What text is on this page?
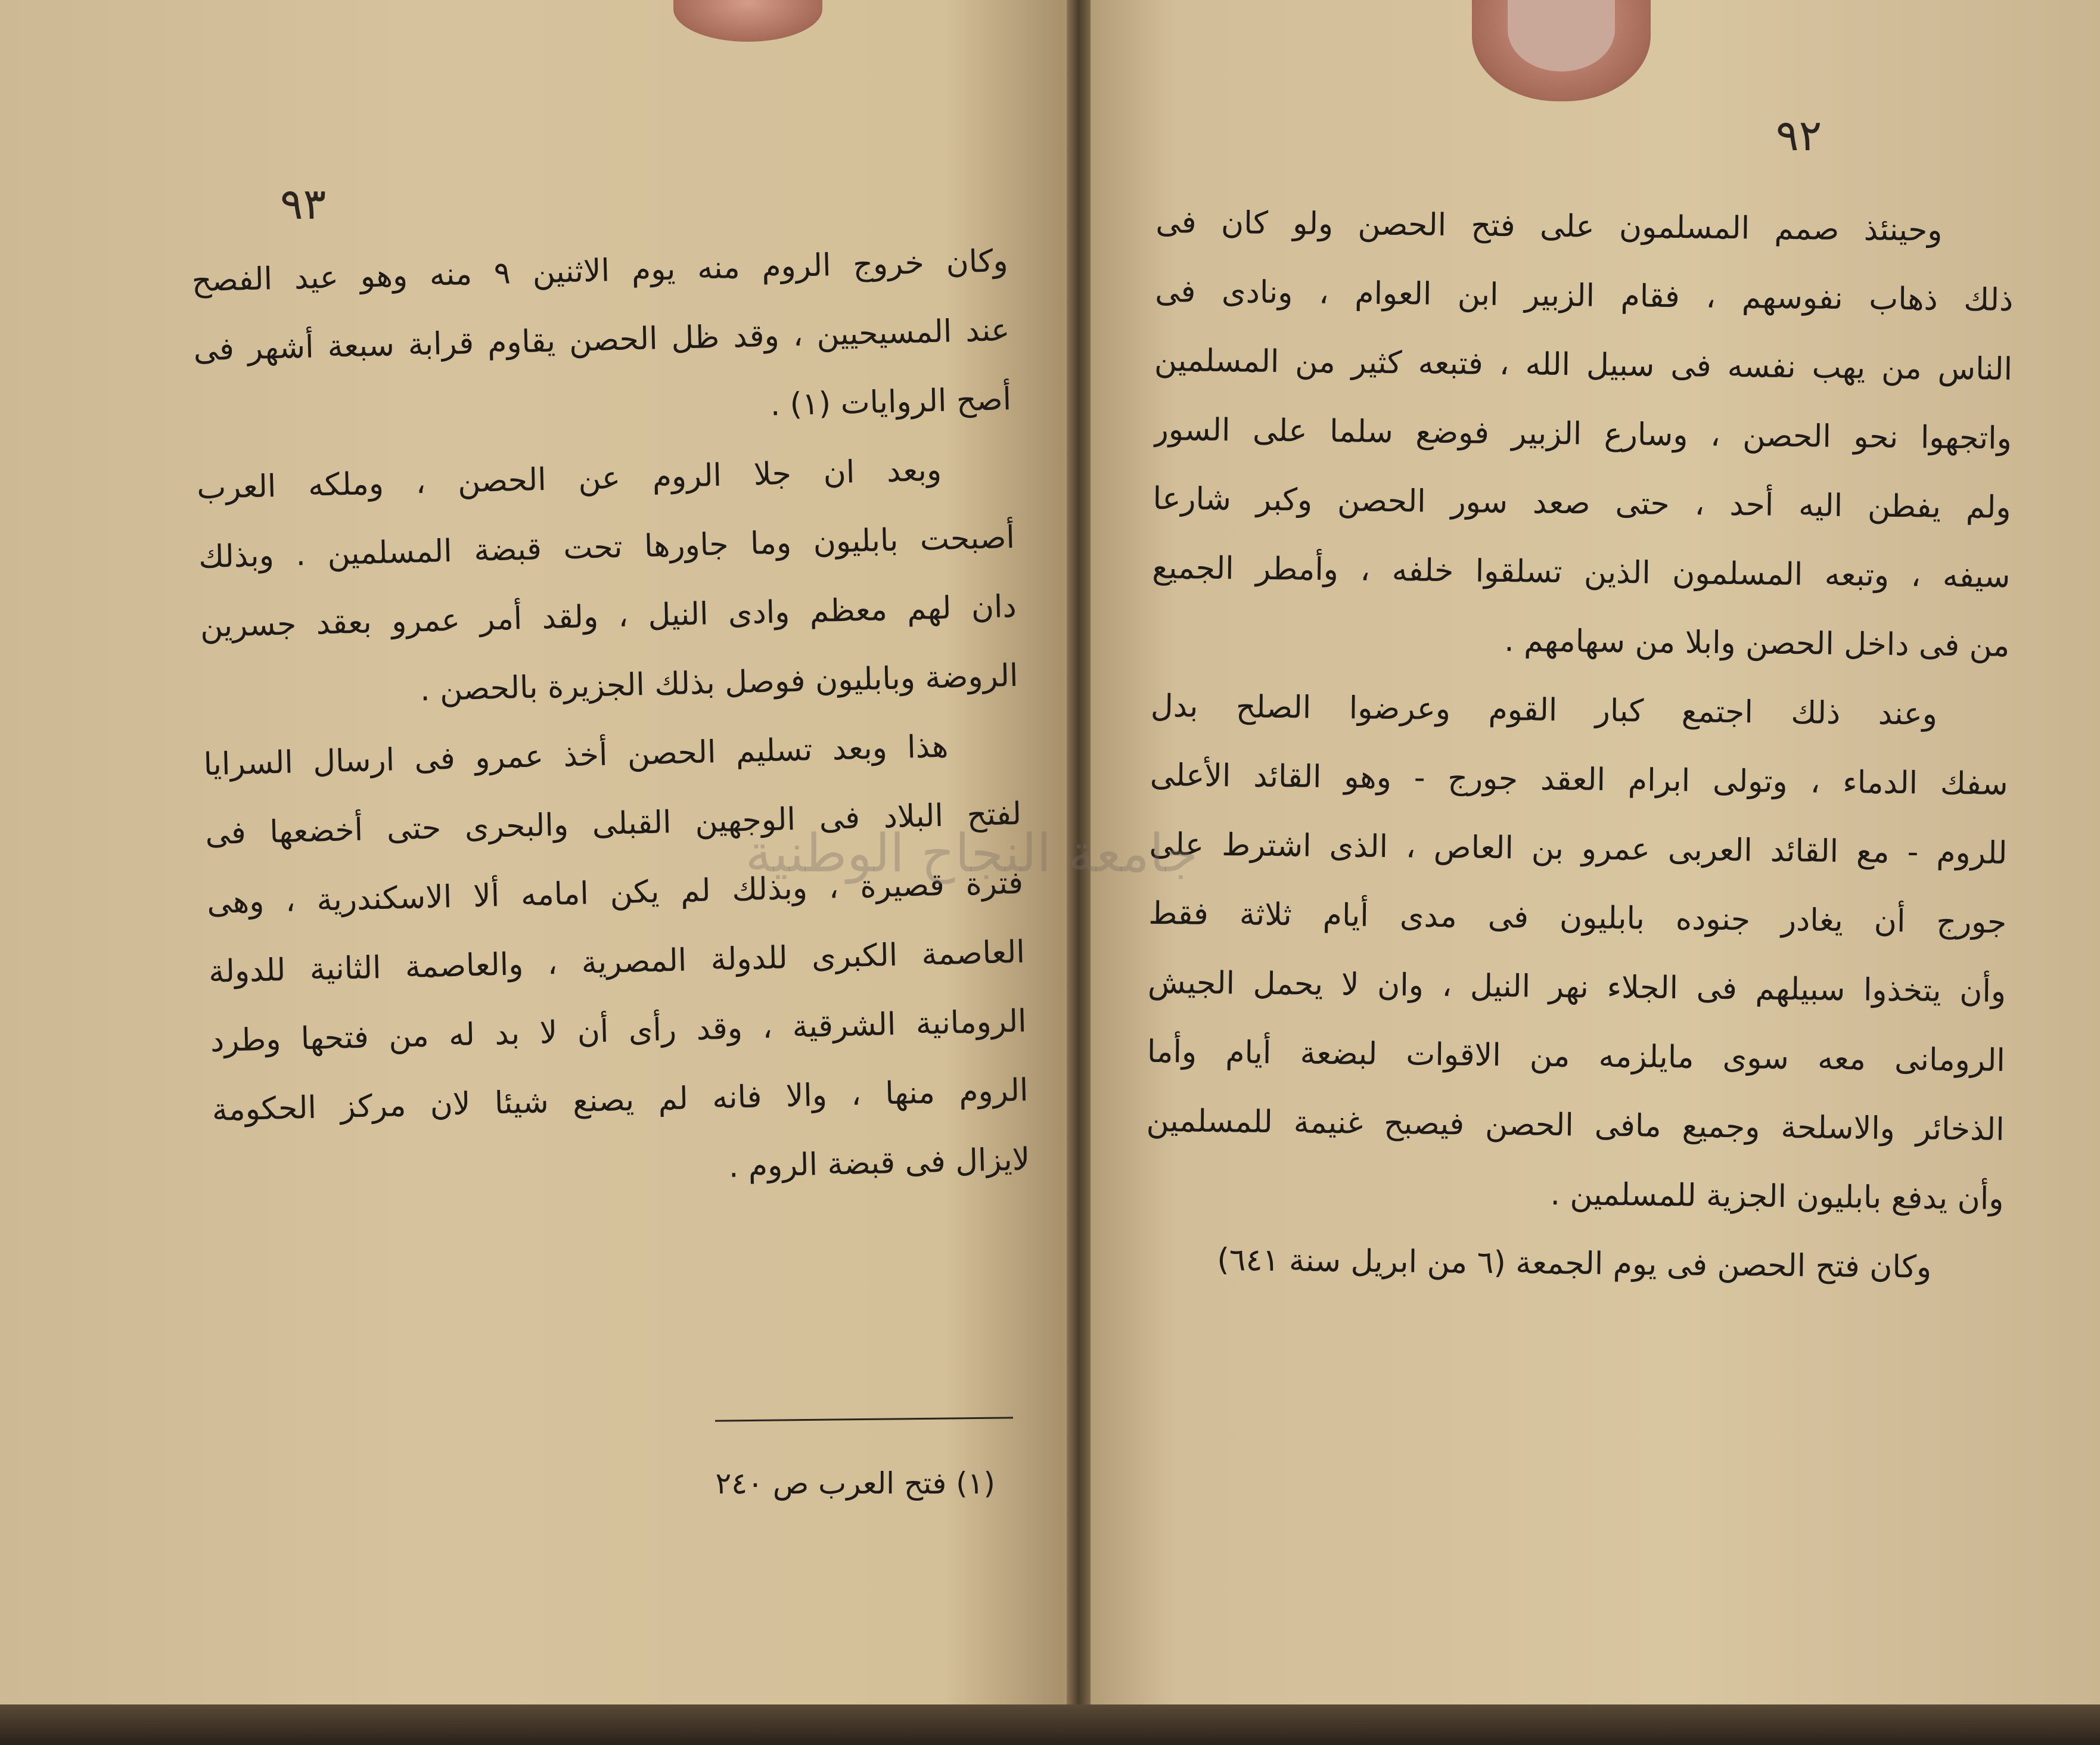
٩٣
وكان خروج الروم منه يوم الاثنين ٩ منه وهو عيد الفصح
عند المسيحيين ، وقد ظل الحصن يقاوم قرابة سبعة أشهر فى
أصح الروايات (١) .
وبعد ان جلا الروم عن الحصن ، وملكه العرب
أصبحت بابليون وما جاورها تحت قبضة المسلمين . وبذلك
دان لهم معظم وادى النيل ، ولقد أمر عمرو بعقد جسرين
الروضة وبابليون فوصل بذلك الجزيرة بالحصن .
هذا وبعد تسليم الحصن أخذ عمرو فى ارسال السرايا
لفتح البلاد فى الوجهين القبلى والبحرى حتى أخضعها فى
فترة قصيرة ، وبذلك لم يكن امامه ألا الاسكندرية ، وهى
العاصمة الكبرى للدولة المصرية ، والعاصمة الثانية للدولة
الرومانية الشرقية ، وقد رأى أن لا بد له من فتحها وطرد
الروم منها ، والا فانه لم يصنع شيئا لان مركز الحكومة
لايزال فى قبضة الروم .
(١) فتح العرب ص ٢٤٠
٩٢
وحينئذ صمم المسلمون على فتح الحصن ولو كان فى
ذلك ذهاب نفوسهم ، فقام الزبير ابن العوام ، ونادى فى
الناس من يهب نفسه فى سبيل الله ، فتبعه كثير من المسلمين
واتجهوا نحو الحصن ، وسارع الزبير فوضع سلما على السور
ولم يفطن اليه أحد ، حتى صعد سور الحصن وكبر شارعا
سيفه ، وتبعه المسلمون الذين تسلقوا خلفه ، وأمطر الجميع
من فى داخل الحصن وابلا من سهامهم .
وعند ذلك اجتمع كبار القوم وعرضوا الصلح بدل
سفك الدماء ، وتولى ابرام العقد جورج - وهو القائد الأعلى
للروم - مع القائد العربى عمرو بن العاص ، الذى اشترط على
جورج أن يغادر جنوده بابليون فى مدى أيام ثلاثة فقط
وأن يتخذوا سبيلهم فى الجلاء نهر النيل ، وان لا يحمل الجيش
الرومانى معه سوى مايلزمه من الاقوات لبضعة أيام وأما
الذخائر والاسلحة وجميع مافى الحصن فيصبح غنيمة للمسلمين
وأن يدفع بابليون الجزية للمسلمين .
وكان فتح الحصن فى يوم الجمعة (٦ من ابريل سنة ٦٤١)
جامعة النجاح الوطنية
